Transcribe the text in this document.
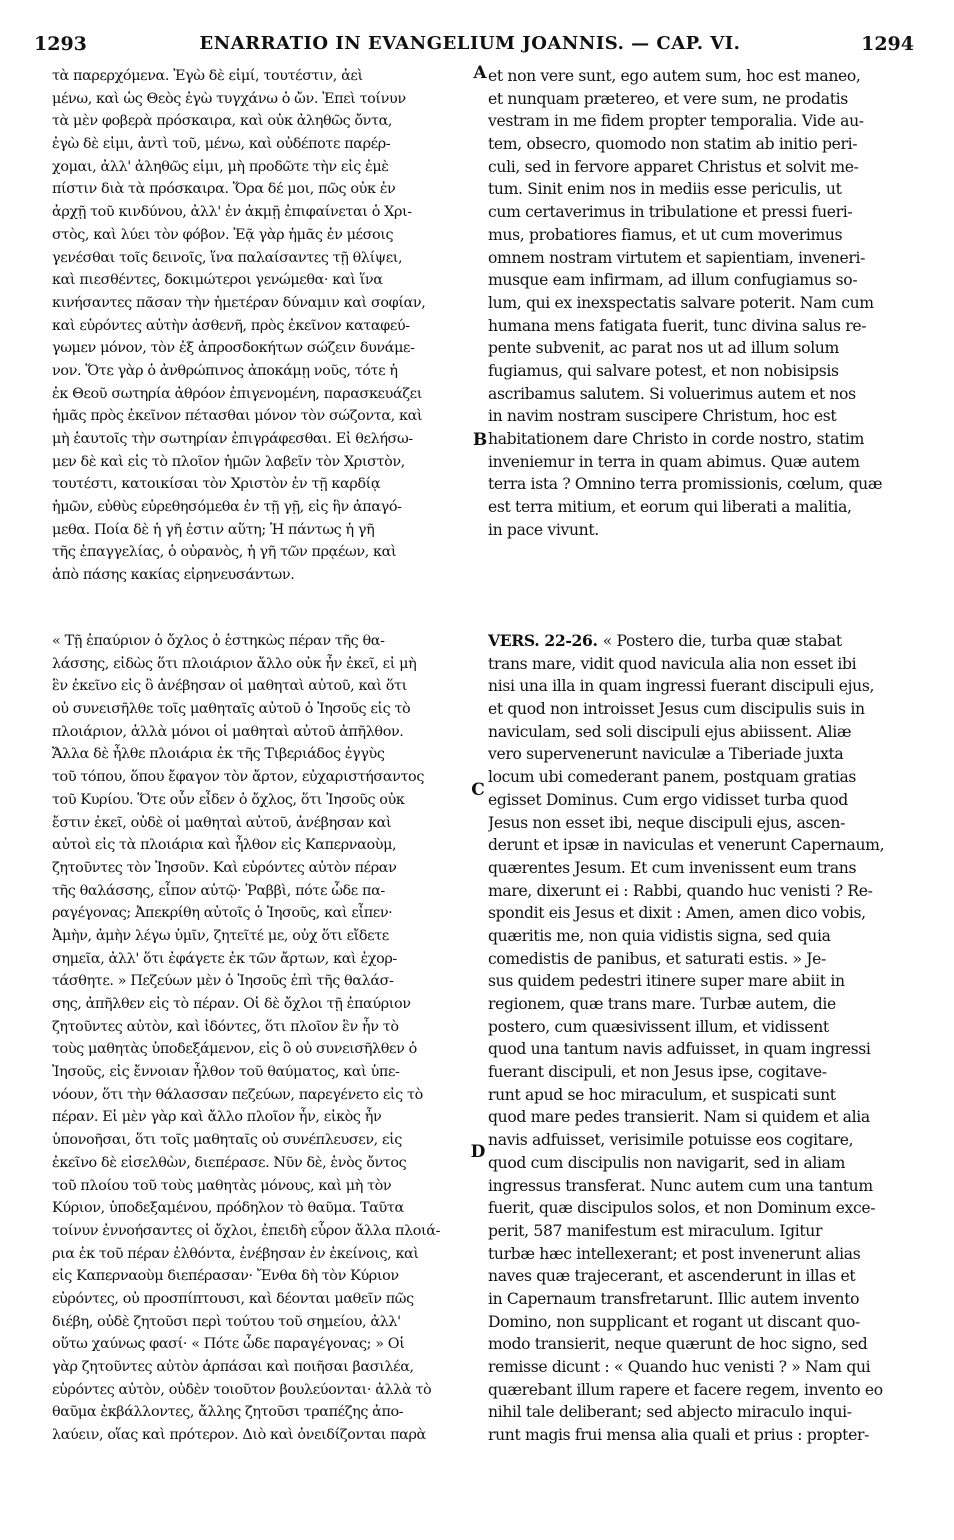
1293	ENARRATIO IN EVANGELIUM JOANNIS. — CAP. VI.	1294
A
B
C
D
τὰ παρερχόμενα. Ἐγὼ δὲ εἰμί, τουτέστιν, ἀεὶ
μένω, καὶ ὡς Θεὸς ἐγὼ τυγχάνω ὁ ὤν. Ἐπεὶ τοίνυν
τὰ μὲν φοβερὰ πρόσκαιρα, καὶ οὐκ ἀληθῶς ὄντα,
ἐγὼ δὲ εἰμι, ἀντὶ τοῦ, μένω, καὶ οὐδέποτε παρέρ-
χομαι, ἀλλ' ἀληθῶς εἰμι, μὴ προδῶτε τὴν εἰς ἐμὲ
πίστιν διὰ τὰ πρόσκαιρα. Ὅρα δέ μοι, πῶς οὐκ ἐν
ἀρχῇ τοῦ κινδύνου, ἀλλ' ἐν ἀκμῇ ἐπιφαίνεται ὁ Χρι-
στὸς, καὶ λύει τὸν φόβον. Ἐᾷ γὰρ ἡμᾶς ἐν μέσοις
γενέσθαι τοῖς δεινοῖς, ἵνα παλαίσαντες τῇ θλίψει,
καὶ πιεσθέντες, δοκιμώτεροι γενώμεθα· καὶ ἵνα
κινήσαντες πᾶσαν τὴν ἡμετέραν δύναμιν καὶ σοφίαν,
καὶ εὑρόντες αὐτὴν ἀσθενῆ, πρὸς ἐκεῖνον καταφεύ-
γωμεν μόνον, τὸν ἐξ ἀπροσδοκήτων σώζειν δυνάμε-
νον. Ὅτε γὰρ ὁ ἀνθρώπινος ἀποκάμῃ νοῦς, τότε ἡ
ἐκ Θεοῦ σωτηρία ἀθρόον ἐπιγενομένη, παρασκευάζει
ἡμᾶς πρὸς ἐκεῖνον πέτασθαι μόνον τὸν σώζοντα, καὶ
μὴ ἑαυτοῖς τὴν σωτηρίαν ἐπιγράφεσθαι. Εἰ θελήσω-
μεν δὲ καὶ εἰς τὸ πλοῖον ἡμῶν λαβεῖν τὸν Χριστὸν,
τουτέστι, κατοικίσαι τὸν Χριστὸν ἐν τῇ καρδίᾳ
ἡμῶν, εὐθὺς εὑρεθησόμεθα ἐν τῇ γῇ, εἰς ἣν ἀπαγό-
μεθα. Ποία δὲ ἡ γῆ ἐστιν αὕτη; Ἡ πάντως ἡ γῆ
τῆς ἐπαγγελίας, ὁ οὐρανὸς, ἡ γῆ τῶν πρᾳέων, καὶ
ἀπὸ πάσης κακίας εἰρηνευσάντων.
et non vere sunt, ego autem sum, hoc est maneo,
et nunquam prætereo, et vere sum, ne prodatis
vestram in me fidem propter temporalia. Vide au-
tem, obsecro, quomodo non statim ab initio peri-
culi, sed in fervore apparet Christus et solvit me-
tum. Sinit enim nos in mediis esse periculis, ut
cum certaverimus in tribulatione et pressi fueri-
mus, probatiores fiamus, et ut cum moverimus
omnem nostram virtutem et sapientiam, inveneri-
musque eam infirmam, ad illum confugiamus so-
lum, qui ex inexspectatis salvare poterit. Nam cum
humana mens fatigata fuerit, tunc divina salus re-
pente subvenit, ac parat nos ut ad illum solum
fugiamus, qui salvare potest, et non nobisipsis
ascribamus salutem. Si voluerimus autem et nos
in navim nostram suscipere Christum, hoc est
habitationem dare Christo in corde nostro, statim
inveniemur in terra in quam abimus. Quæ autem
terra ista ? Omnino terra promissionis, cœlum, quæ
est terra mitium, et eorum qui liberati a malitia,
in pace vivunt.
« Τῇ ἐπαύριον ὁ ὄχλος ὁ ἑστηκὼς πέραν τῆς θα-
λάσσης, εἰδὼς ὅτι πλοιάριον ἄλλο οὐκ ἦν ἐκεῖ, εἰ μὴ
ἓν ἐκεῖνο εἰς ὃ ἀνέβησαν οἱ μαθηταὶ αὐτοῦ, καὶ ὅτι
οὐ συνεισῆλθε τοῖς μαθηταῖς αὐτοῦ ὁ Ἰησοῦς εἰς τὸ
πλοιάριον, ἀλλὰ μόνοι οἱ μαθηταὶ αὐτοῦ ἀπῆλθον.
Ἄλλα δὲ ἦλθε πλοιάρια ἐκ τῆς Τιβεριάδος ἐγγὺς
τοῦ τόπου, ὅπου ἔφαγον τὸν ἄρτον, εὐχαριστήσαντος
τοῦ Κυρίου. Ὅτε οὖν εἶδεν ὁ ὄχλος, ὅτι Ἰησοῦς οὐκ
ἔστιν ἐκεῖ, οὐδὲ οἱ μαθηταὶ αὐτοῦ, ἀνέβησαν καὶ
αὐτοὶ εἰς τὰ πλοιάρια καὶ ἦλθον εἰς Καπερναοὺμ,
ζητοῦντες τὸν Ἰησοῦν. Καὶ εὑρόντες αὐτὸν πέραν
τῆς θαλάσσης, εἶπον αὐτῷ· Ῥαββὶ, πότε ὧδε πα-
ραγέγονας; Ἀπεκρίθη αὐτοῖς ὁ Ἰησοῦς, καὶ εἶπεν·
Ἀμὴν, ἀμὴν λέγω ὑμῖν, ζητεῖτέ με, οὐχ ὅτι εἴδετε
σημεῖα, ἀλλ' ὅτι ἐφάγετε ἐκ τῶν ἄρτων, καὶ ἐχορ-
τάσθητε. » Πεζεύων μὲν ὁ Ἰησοῦς ἐπὶ τῆς θαλάσ-
σης, ἀπῆλθεν εἰς τὸ πέραν. Οἱ δὲ ὄχλοι τῇ ἐπαύριον
ζητοῦντες αὐτὸν, καὶ ἰδόντες, ὅτι πλοῖον ἓν ἦν τὸ
τοὺς μαθητὰς ὑποδεξάμενον, εἰς ὃ οὐ συνεισῆλθεν ὁ
Ἰησοῦς, εἰς ἔννοιαν ἦλθον τοῦ θαύματος, καὶ ὑπε-
νόουν, ὅτι τὴν θάλασσαν πεζεύων, παρεγένετο εἰς τὸ
πέραν. Εἰ μὲν γὰρ καὶ ἄλλο πλοῖον ἦν, εἰκὸς ἦν
ὑπονοῆσαι, ὅτι τοῖς μαθηταῖς οὐ συνέπλευσεν, εἰς
ἐκεῖνο δὲ εἰσελθὼν, διεπέρασε. Νῦν δὲ, ἑνὸς ὄντος
τοῦ πλοίου τοῦ τοὺς μαθητὰς μόνους, καὶ μὴ τὸν
Κύριον, ὑποδεξαμένου, πρόδηλον τὸ θαῦμα. Ταῦτα
τοίνυν ἐννοήσαντες οἱ ὄχλοι, ἐπειδὴ εὗρον ἄλλα πλοιά-
ρια ἐκ τοῦ πέραν ἐλθόντα, ἐνέβησαν ἐν ἐκείνοις, καὶ
εἰς Καπερναοὺμ διεπέρασαν· Ἔνθα δὴ τὸν Κύριον
εὑρόντες, οὐ προσπίπτουσι, καὶ δέονται μαθεῖν πῶς
διέβη, οὐδὲ ζητοῦσι περὶ τούτου τοῦ σημείου, ἀλλ'
οὕτω χαύνως φασί· « Πότε ὧδε παραγέγονας; » Οἱ
γὰρ ζητοῦντες αὐτὸν ἁρπάσαι καὶ ποιῆσαι βασιλέα,
εὑρόντες αὐτὸν, οὐδὲν τοιοῦτον βουλεύονται· ἀλλὰ τὸ
θαῦμα ἐκβάλλοντες, ἄλλης ζητοῦσι τραπέζης ἀπο-
λαύειν, οἵας καὶ πρότερον. Διὸ καὶ ὀνειδίζονται παρὰ
VERS. 22-26. « Postero die, turba quæ stabat
trans mare, vidit quod navicula alia non esset ibi
nisi una illa in quam ingressi fuerant discipuli ejus,
et quod non introisset Jesus cum discipulis suis in
naviculam, sed soli discipuli ejus abiissent. Aliæ
vero supervenerunt naviculæ a Tiberiade juxta
locum ubi comederant panem, postquam gratias
egisset Dominus. Cum ergo vidisset turba quod
Jesus non esset ibi, neque discipuli ejus, ascen-
derunt et ipsæ in naviculas et venerunt Capernaum,
quærentes Jesum. Et cum invenissent eum trans
mare, dixerunt ei : Rabbi, quando huc venisti ? Re-
spondit eis Jesus et dixit : Amen, amen dico vobis,
quæritis me, non quia vidistis signa, sed quia
comedistis de panibus, et saturati estis. » Je-
sus quidem pedestri itinere super mare abiit in
regionem, quæ trans mare. Turbæ autem, die
postero, cum quæsivissent illum, et vidissent
quod una tantum navis adfuisset, in quam ingressi
fuerant discipuli, et non Jesus ipse, cogitave-
runt apud se hoc miraculum, et suspicati sunt
quod mare pedes transierit. Nam si quidem et alia
navis adfuisset, verisimile potuisse eos cogitare,
quod cum discipulis non navigarit, sed in aliam
ingressus transferat. Nunc autem cum una tantum
fuerit, quæ discipulos solos, et non Dominum exce-
perit, 587 manifestum est miraculum. Igitur
turbæ hæc intellexerant; et post invenerunt alias
naves quæ trajecerant, et ascenderunt in illas et
in Capernaum transfretarunt. Illic autem invento
Domino, non supplicant et rogant ut discant quo-
modo transierit, neque quærunt de hoc signo, sed
remisse dicunt : « Quando huc venisti ? » Nam qui
quærebant illum rapere et facere regem, invento eo
nihil tale deliberant; sed abjecto miraculo inqui-
runt magis frui mensa alia quali et prius : propter-
